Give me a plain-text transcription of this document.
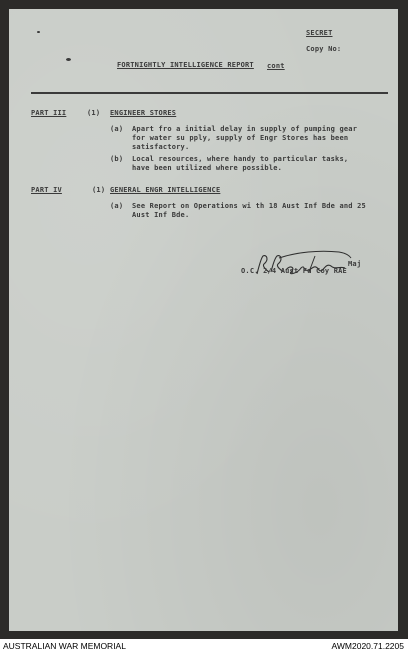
SECRET
Copy No:
FORTNIGHTLY INTELLIGENCE REPORT cont
PART III	(1) ENGINEER STORES
(a) Apart fro a initial delay in supply of pumping gear for water su pply, supply of Engr Stores has been satisfactory.
(b) Local resources, where handy to particular tasks, have been utilized where possible.
PART IV	(1) GENERAL ENGR INTELLIGENCE
(a) See Report on Operations wi th 18 Aust Inf Bde and 25 Aust Inf Bde.
Maj
O.C. 2/4 Aust Fd Coy RAE
AUSTRALIAN WAR MEMORIAL	AWM2020.71.2205
